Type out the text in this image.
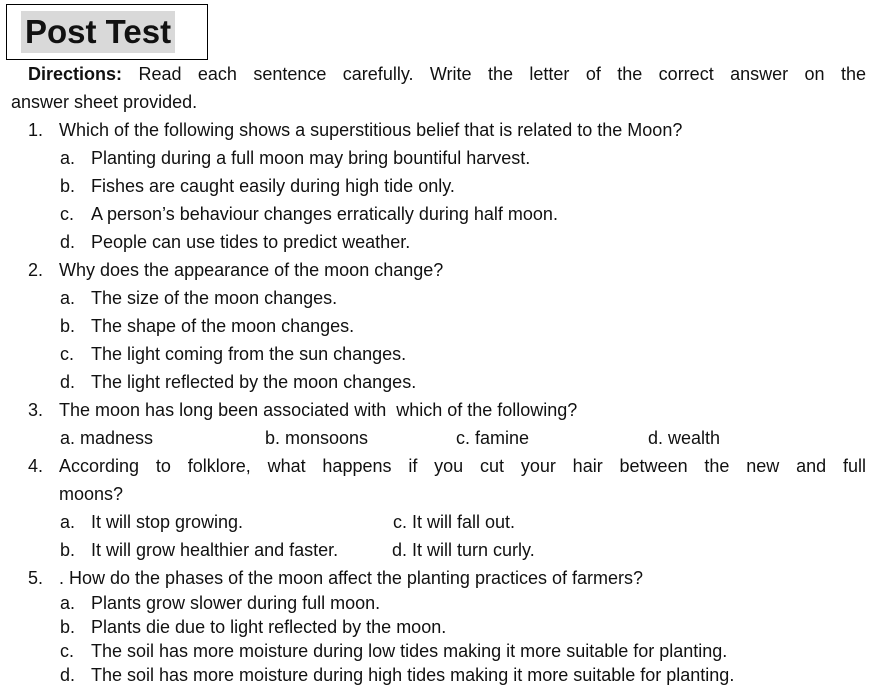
Post Test
Directions: Read each sentence carefully. Write the letter of the correct answer on the
answer sheet provided.
1. Which of the following shows a superstitious belief that is related to the Moon?
a. Planting during a full moon may bring bountiful harvest.
b. Fishes are caught easily during high tide only.
c. A person’s behaviour changes erratically during half moon.
d. People can use tides to predict weather.
2. Why does the appearance of the moon change?
a. The size of the moon changes.
b. The shape of the moon changes.
c. The light coming from the sun changes.
d. The light reflected by the moon changes.
3. The moon has long been associated with  which of the following?
a. madness	b. monsoons	c. famine	d. wealth
4. According to folklore, what happens if you cut your hair between the new and full
moons?
a. It will stop growing.	c. It will fall out.
b. It will grow healthier and faster.	d. It will turn curly.
5. . How do the phases of the moon affect the planting practices of farmers?
a. Plants grow slower during full moon.
b. Plants die due to light reflected by the moon.
c. The soil has more moisture during low tides making it more suitable for planting.
d. The soil has more moisture during high tides making it more suitable for planting.
